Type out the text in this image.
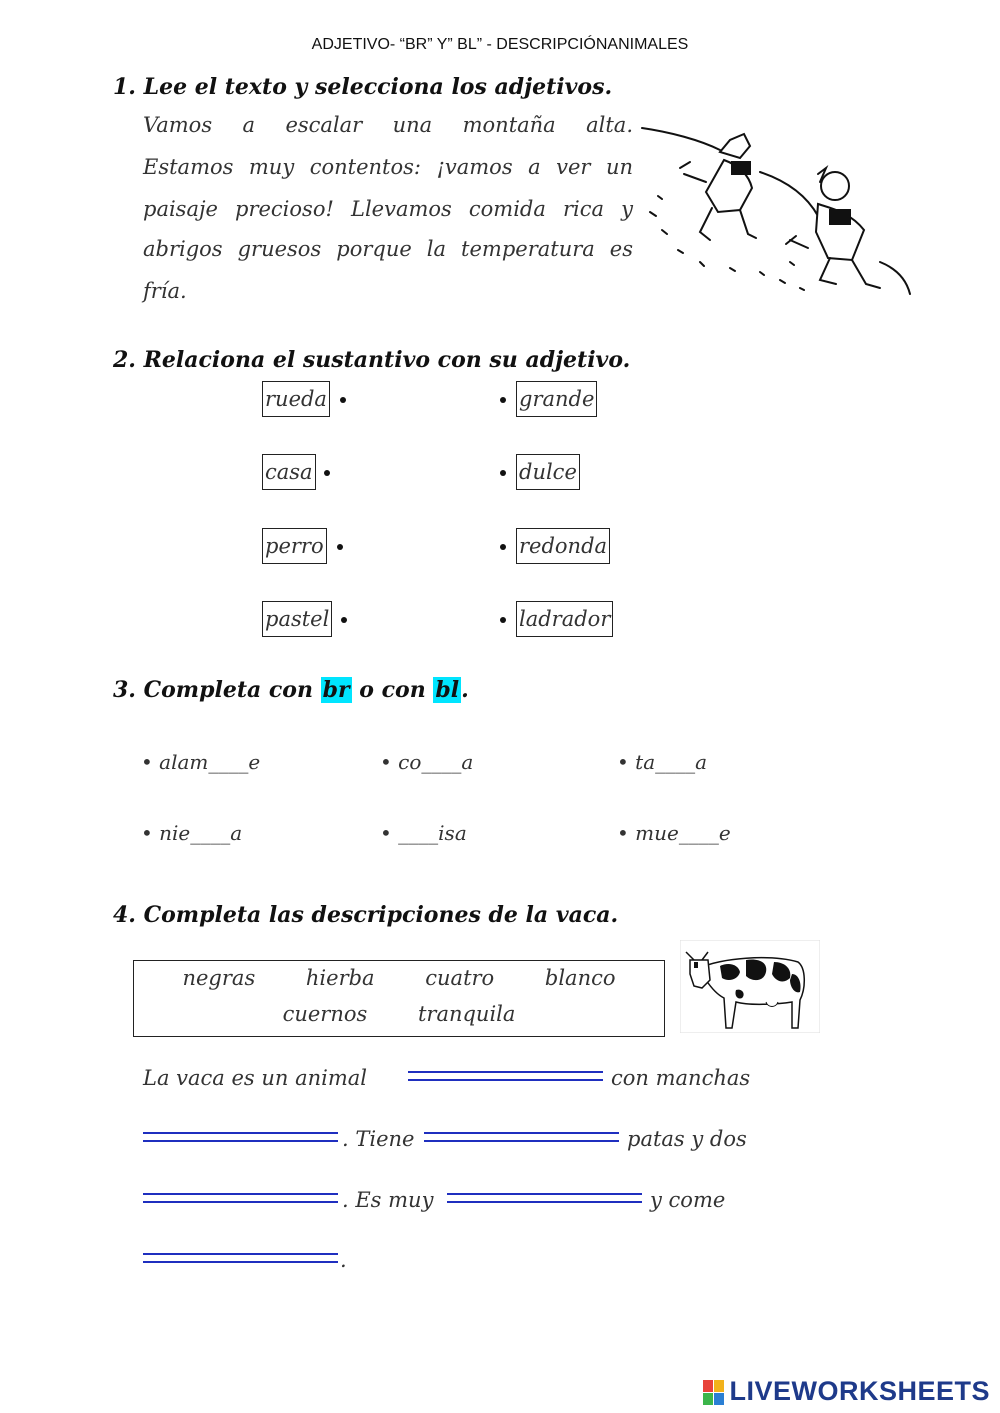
ADJETIVO- “BR” Y” BL” - DESCRIPCIÓNANIMALES
1. Lee el texto y selecciona los adjetivos.
Vamos a escalar una montaña alta.
Estamos muy contentos: ¡vamos a ver un
paisaje precioso! Llevamos comida rica y
abrigos gruesos porque la temperatura es
fría.
2. Relaciona el sustantivo con su adjetivo.
rueda	grande
casa	dulce
perro	redonda
pastel	ladrador
3. Completa con br o con bl.
• alam____e	• co____a	• ta____a
• nie____a	• ____isa	• mue____e
4. Completa las descripciones de la vaca.
negras hierba cuatro blanco
cuernos tranquila
La vaca es un animal	con manchas
. Tiene	patas y dos
. Es muy	y come
.
LIVEWORKSHEETS
